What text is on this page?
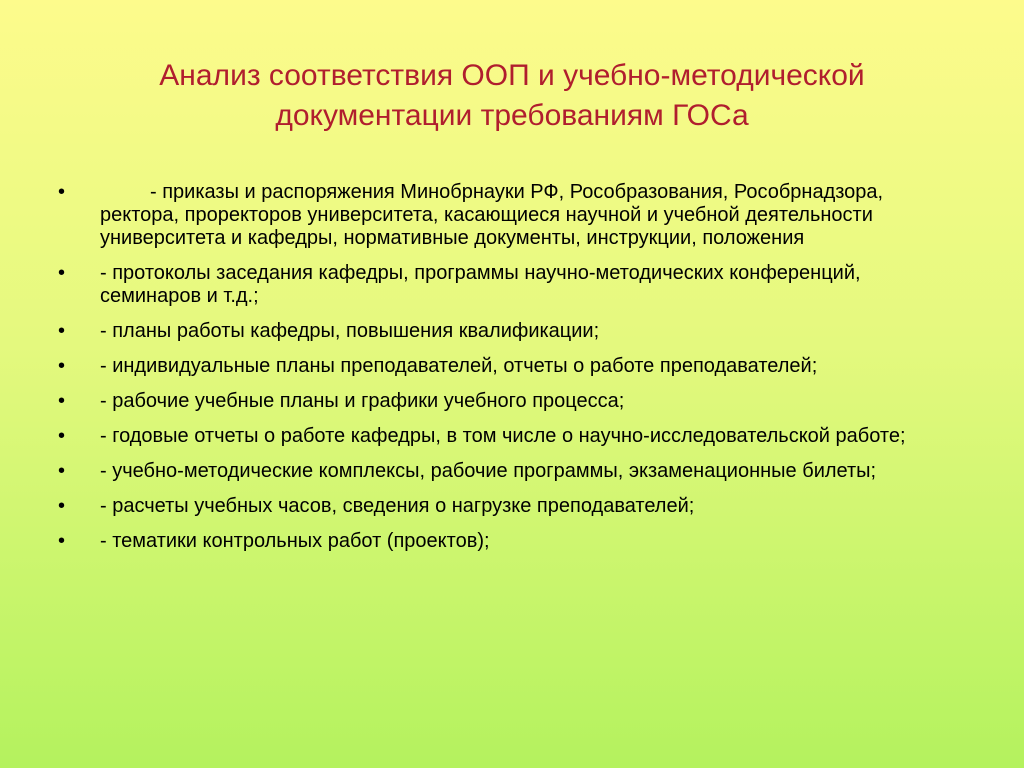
Анализ соответствия ООП и учебно-методической
документации требованиям ГОСа
•	- приказы и распоряжения Минобрнауки РФ, Рособразования, Рособрнадзора, ректора, проректоров университета, касающиеся научной и учебной деятельности университета и кафедры, нормативные документы, инструкции, положения
•	- протоколы заседания кафедры, программы научно-методических конференций, семинаров и т.д.;
•	- планы работы кафедры, повышения квалификации;
•	- индивидуальные планы преподавателей, отчеты о работе преподавателей;
•	- рабочие учебные планы и графики учебного процесса;
•	- годовые отчеты о работе кафедры, в том числе о научно-исследовательской работе;
•	- учебно-методические комплексы, рабочие программы, экзаменационные билеты;
•	- расчеты учебных часов, сведения о нагрузке преподавателей;
•	- тематики контрольных работ (проектов);
